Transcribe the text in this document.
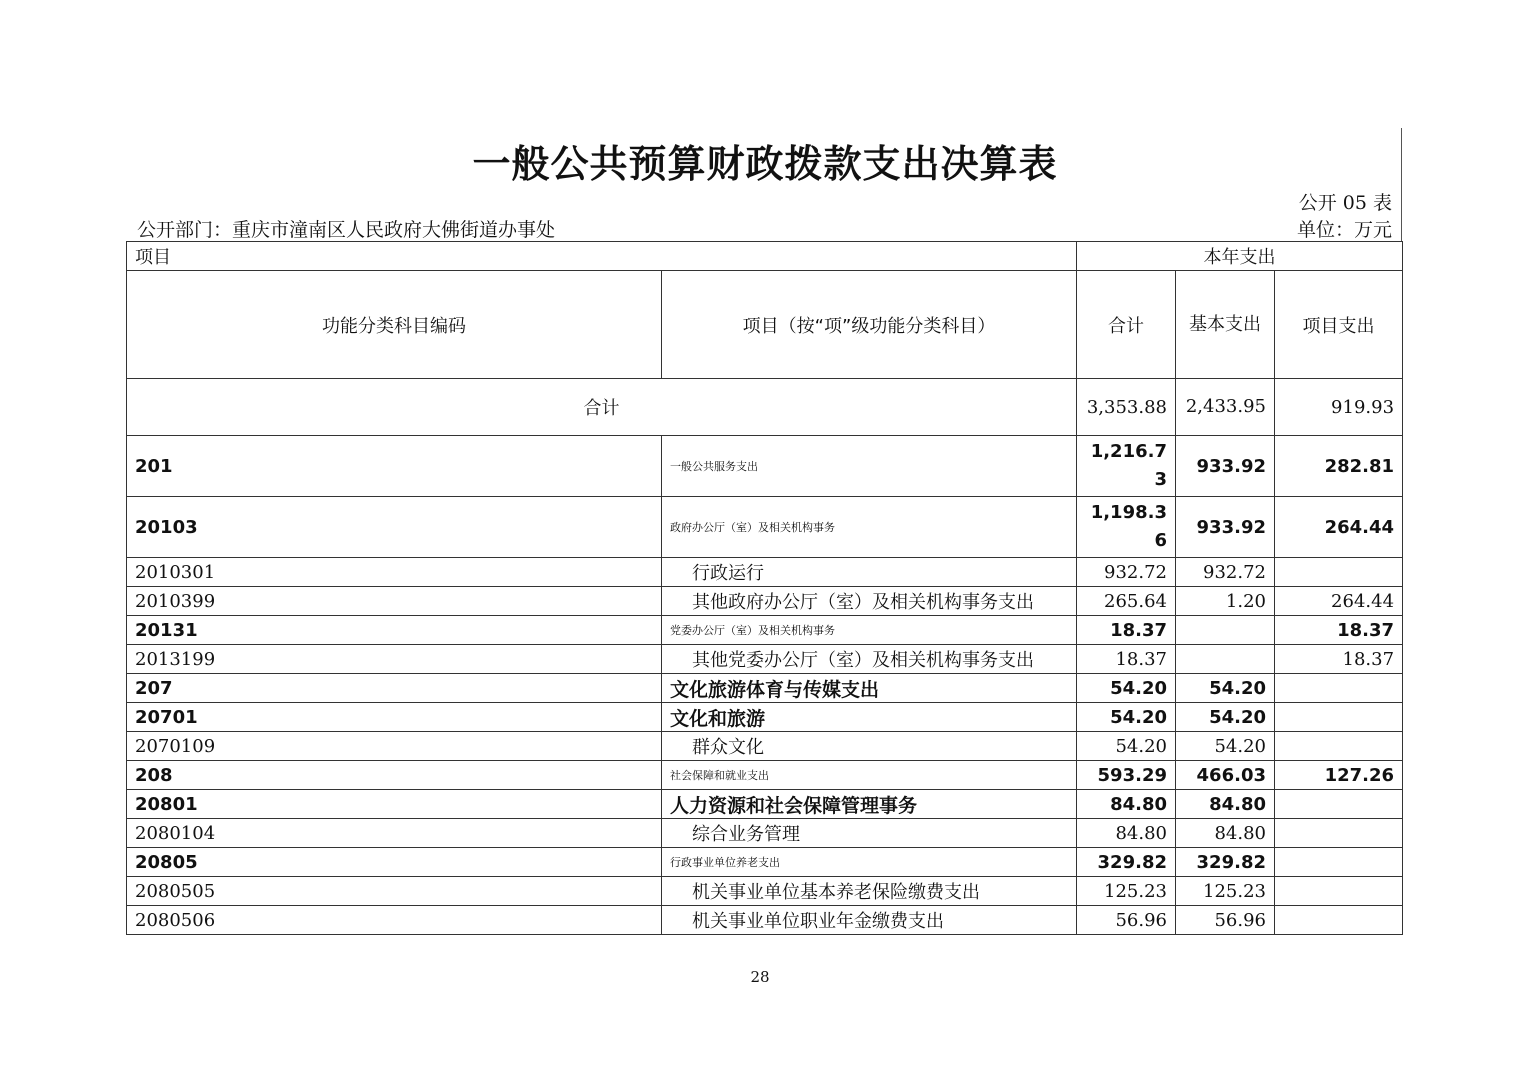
一般公共预算财政拨款支出决算表
公开 05 表
公开部门：重庆市潼南区人民政府大佛街道办事处	单位：万元
项目		本年支出		
功能分类科目编码	项目（按“项”级功能分类科目）	合计	基本支出	项目支出
合计		3,353.88	2,433.95	919.93
201	一般公共服务支出	1,216.73	933.92	282.81
20103	政府办公厅（室）及相关机构事务	1,198.36	933.92	264.44
2010301	行政运行	932.72	932.72	
2010399	其他政府办公厅（室）及相关机构事务支出	265.64	1.20	264.44
20131	党委办公厅（室）及相关机构事务	18.37		18.37
2013199	其他党委办公厅（室）及相关机构事务支出	18.37		18.37
207	文化旅游体育与传媒支出	54.20	54.20	
20701	文化和旅游	54.20	54.20	
2070109	群众文化	54.20	54.20	
208	社会保障和就业支出	593.29	466.03	127.26
20801	人力资源和社会保障管理事务	84.80	84.80	
2080104	综合业务管理	84.80	84.80	
20805	行政事业单位养老支出	329.82	329.82	
2080505	机关事业单位基本养老保险缴费支出	125.23	125.23	
2080506	机关事业单位职业年金缴费支出	56.96	56.96	
28
